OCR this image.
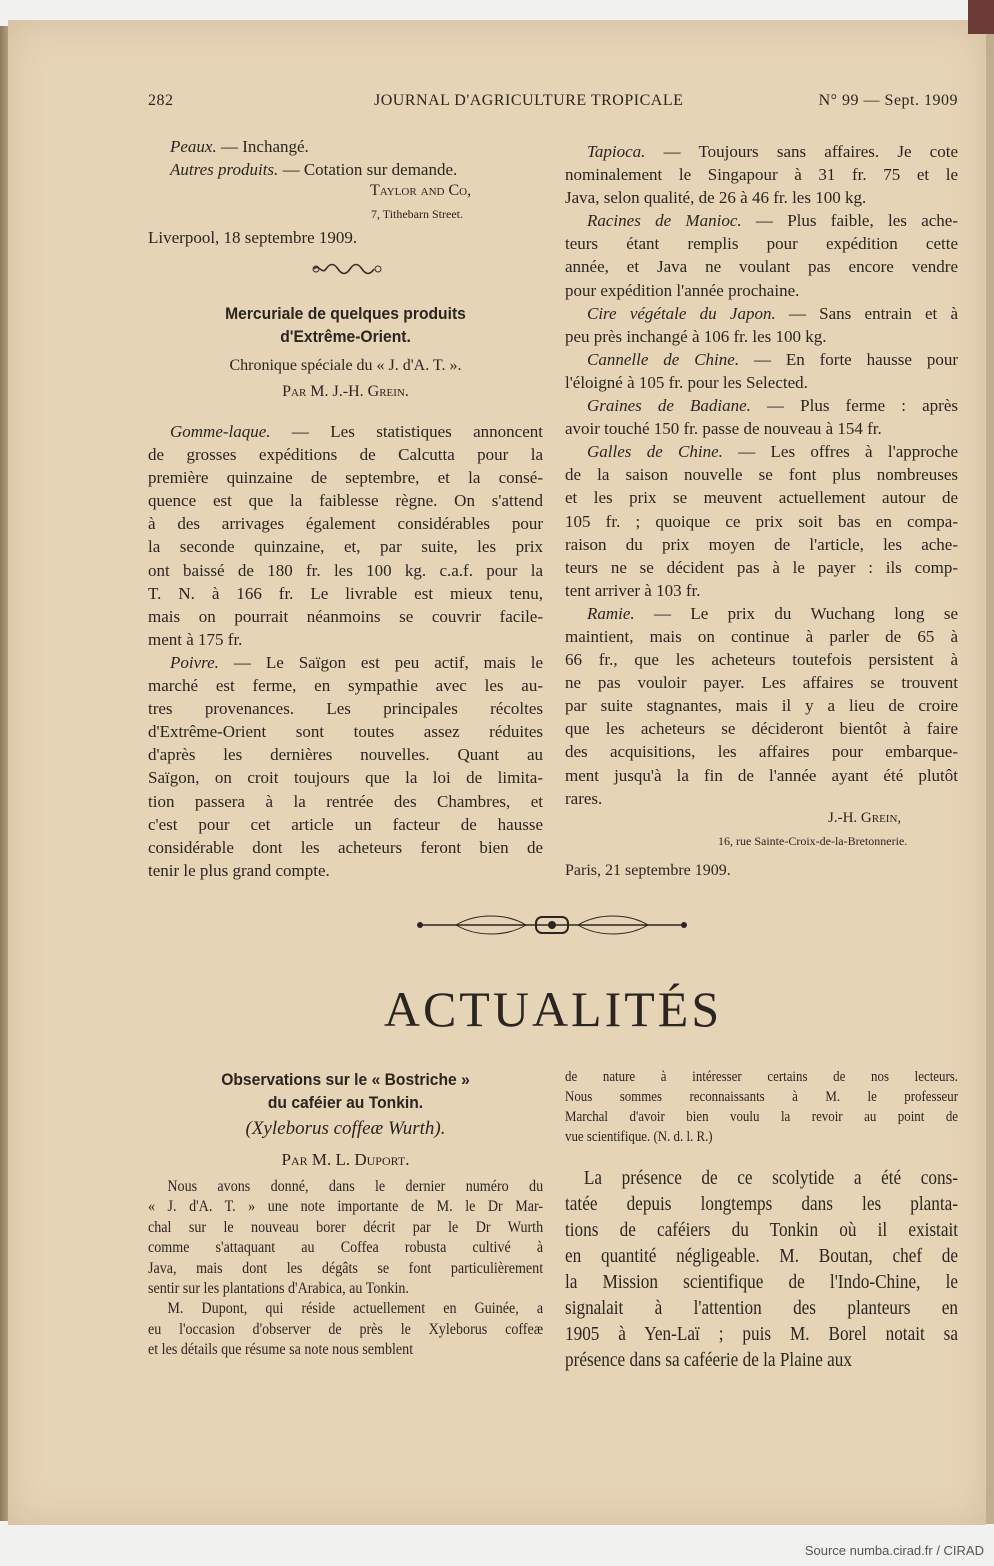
282	JOURNAL D'AGRICULTURE TROPICALE	N° 99 — Sept. 1909
Peaux. — Inchangé.
Autres produits. — Cotation sur demande.
Taylor and Co,
7, Tithebarn Street.
Liverpool, 18 septembre 1909.
Mercuriale de quelques produits
d'Extrême-Orient.
Chronique spéciale du « J. d'A. T. ».
Par M. J.-H. Grein.
Gomme-laque. — Les statistiques annoncent
de grosses expéditions de Calcutta pour la
première quinzaine de septembre, et la consé-
quence est que la faiblesse règne. On s'attend
à des arrivages également considérables pour
la seconde quinzaine, et, par suite, les prix
ont baissé de 180 fr. les 100 kg. c.a.f. pour la
T. N. à 166 fr. Le livrable est mieux tenu,
mais on pourrait néanmoins se couvrir facile-
ment à 175 fr.
Poivre. — Le Saïgon est peu actif, mais le
marché est ferme, en sympathie avec les au-
tres provenances. Les principales récoltes
d'Extrême-Orient sont toutes assez réduites
d'après les dernières nouvelles. Quant au
Saïgon, on croit toujours que la loi de limita-
tion passera à la rentrée des Chambres, et
c'est pour cet article un facteur de hausse
considérable dont les acheteurs feront bien de
tenir le plus grand compte.
Tapioca. — Toujours sans affaires. Je cote
nominalement le Singapour à 31 fr. 75 et le
Java, selon qualité, de 26 à 46 fr. les 100 kg.
Racines de Manioc. — Plus faible, les ache-
teurs étant remplis pour expédition cette
année, et Java ne voulant pas encore vendre
pour expédition l'année prochaine.
Cire végétale du Japon. — Sans entrain et à
peu près inchangé à 106 fr. les 100 kg.
Cannelle de Chine. — En forte hausse pour
l'éloigné à 105 fr. pour les Selected.
Graines de Badiane. — Plus ferme : après
avoir touché 150 fr. passe de nouveau à 154 fr.
Galles de Chine. — Les offres à l'approche
de la saison nouvelle se font plus nombreuses
et les prix se meuvent actuellement autour de
105 fr. ; quoique ce prix soit bas en compa-
raison du prix moyen de l'article, les ache-
teurs ne se décident pas à le payer : ils comp-
tent arriver à 103 fr.
Ramie. — Le prix du Wuchang long se
maintient, mais on continue à parler de 65 à
66 fr., que les acheteurs toutefois persistent à
ne pas vouloir payer. Les affaires se trouvent
par suite stagnantes, mais il y a lieu de croire
que les acheteurs se décideront bientôt à faire
des acquisitions, les affaires pour embarque-
ment jusqu'à la fin de l'année ayant été plutôt
rares.
J.-H. Grein,
16, rue Sainte-Croix-de-la-Bretonnerie.
Paris, 21 septembre 1909.
ACTUALITÉS
Observations sur le « Bostriche »
du caféier au Tonkin.
(Xyleborus coffeæ Wurth).
Par M. L. Duport.
Nous avons donné, dans le dernier numéro du
« J. d'A. T. » une note importante de M. le Dr Mar-
chal sur le nouveau borer décrit par le Dr Wurth
comme s'attaquant au Coffea robusta cultivé à
Java, mais dont les dégâts se font particulièrement
sentir sur les plantations d'Arabica, au Tonkin.
M. Dupont, qui réside actuellement en Guinée, a
eu l'occasion d'observer de près le Xyleborus coffeæ
et les détails que résume sa note nous semblent
de nature à intéresser certains de nos lecteurs.
Nous sommes reconnaissants à M. le professeur
Marchal d'avoir bien voulu la revoir au point de
vue scientifique. (N. d. l. R.)
La présence de ce scolytide a été cons-
tatée depuis longtemps dans les planta-
tions de caféiers du Tonkin où il existait
en quantité négligeable. M. Boutan, chef de
la Mission scientifique de l'Indo-Chine, le
signalait à l'attention des planteurs en
1905 à Yen-Laï ; puis M. Borel notait sa
présence dans sa caféerie de la Plaine aux
Source numba.cirad.fr / CIRAD
